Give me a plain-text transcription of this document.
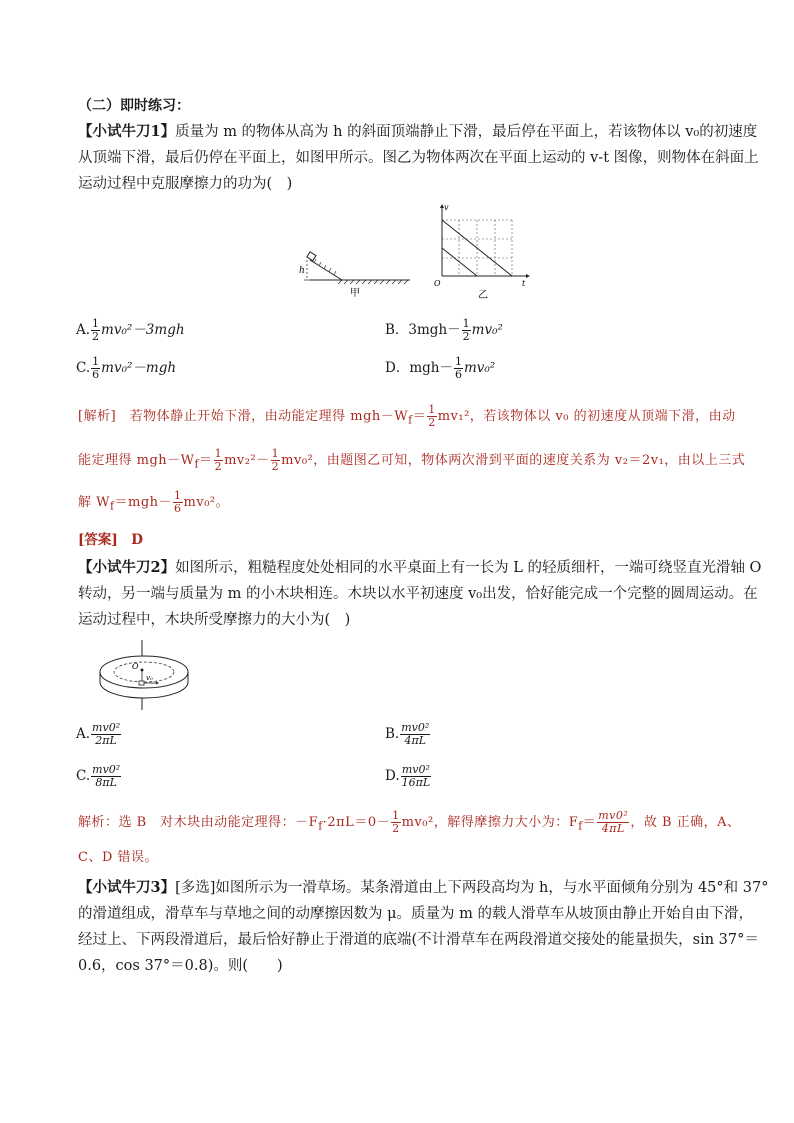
（二）即时练习：
【小试牛刀1】质量为 m 的物体从高为 h 的斜面顶端静止下滑，最后停在平面上，若该物体以 v₀的初速度
从顶端下滑，最后仍停在平面上，如图甲所示。图乙为物体两次在平面上运动的 v-t 图像，则物体在斜面上
运动过程中克服摩擦力的功为(　)
h
甲
v
O	t
乙
A. $\frac{1}{2} mv_0^2-3mgh$	B．$3mgh- \frac{1}{2} mv_0^2$
C. $\frac{1}{6} mv_0^2-mgh$	D．$mgh- \frac{1}{6} mv_0^2$
[解析]　若物体静止开始下滑，由动能定理得 $mgh-W_f= \frac{1}{2} mv_1^2$，若该物体以 v₀ 的初速度从顶端下滑，由动
能定理得 $mgh-W_f= \frac{1}{2} mv_2^2- \frac{1}{2} mv_0^2$，由题图乙可知，物体两次滑到平面的速度关系为 v₂＝2v₁，由以上三式
解 $W_f=mgh- \frac{1}{6} mv_0^2$。
[答案]　D
【小试牛刀2】如图所示，粗糙程度处处相同的水平桌面上有一长为 L 的轻质细杆，一端可绕竖直光滑轴 O
转动，另一端与质量为 m 的小木块相连。木块以水平初速度 v₀出发，恰好能完成一个完整的圆周运动。在
运动过程中，木块所受摩擦力的大小为(　)
O
v₀
A. $\frac{\text{mv0²}}{2\pi L}$	B. $\frac{\text{mv0²}}{4\pi L}$
C. $\frac{\text{mv0²}}{8\pi L}$	D. $\frac{\text{mv0²}}{16\pi L}$
解析：选 B　对木块由动能定理得：$-F_f\cdot 2\pi L=0- \frac{1}{2} mv_0^2$，解得摩擦力大小为：$F_f= \frac{\text{mv0²}}{4\pi L}$ ，故 B 正确，A、
C、D 错误。
【小试牛刀3】[多选]如图所示为一滑草场。某条滑道由上下两段高均为 h，与水平面倾角分别为 45°和 37°
的滑道组成，滑草车与草地之间的动摩擦因数为 μ。质量为 m 的载人滑草车从坡顶由静止开始自由下滑，
经过上、下两段滑道后，最后恰好静止于滑道的底端(不计滑草车在两段滑道交接处的能量损失，sin 37°＝
0.6，cos 37°＝0.8)。则(　　)
